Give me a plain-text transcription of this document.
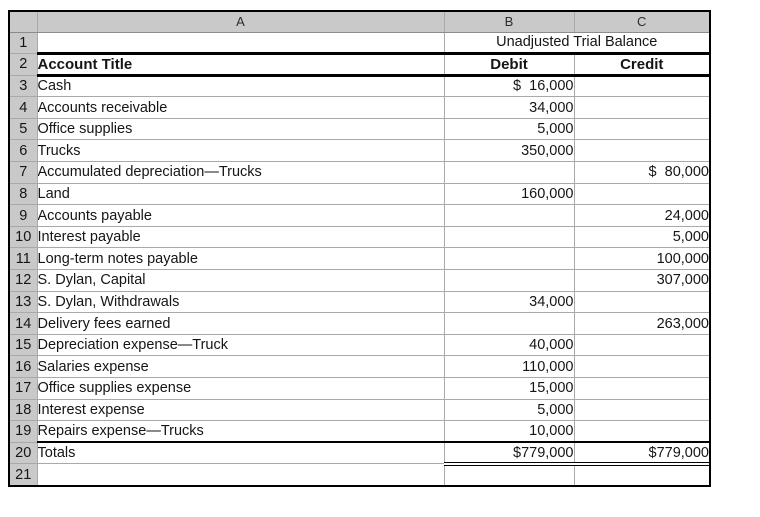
	A	B	C
1		Unadjusted Trial Balance	
2	Account Title	Debit	Credit
3	Cash	$  16,000	
4	Accounts receivable	34,000	
5	Office supplies	5,000	
6	Trucks	350,000	
7	Accumulated depreciation—Trucks		$  80,000
8	Land	160,000	
9	Accounts payable		24,000
10	Interest payable		5,000
11	Long-term notes payable		100,000
12	S. Dylan, Capital		307,000
13	S. Dylan, Withdrawals	34,000	
14	Delivery fees earned		263,000
15	Depreciation expense—Truck	40,000	
16	Salaries expense	110,000	
17	Office supplies expense	15,000	
18	Interest expense	5,000	
19	Repairs expense—Trucks	10,000	
20	Totals	$779,000	$779,000
21			
